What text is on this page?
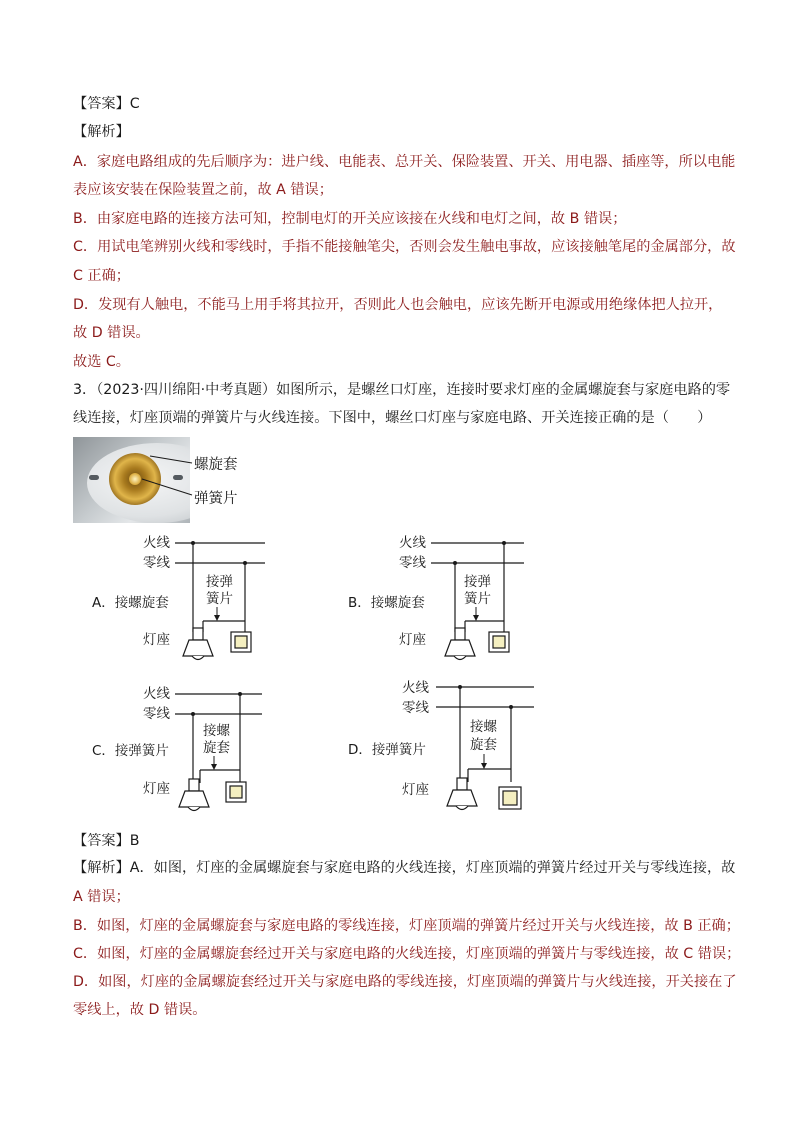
【答案】C
【解析】
A．家庭电路组成的先后顺序为：进户线、电能表、总开关、保险装置、开关、用电器、插座等，所以电能
表应该安装在保险装置之前，故 A 错误；
B．由家庭电路的连接方法可知，控制电灯的开关应该接在火线和电灯之间，故 B 错误；
C．用试电笔辨别火线和零线时，手指不能接触笔尖，否则会发生触电事故，应该接触笔尾的金属部分，故
C 正确；
D．发现有人触电，不能马上用手将其拉开，否则此人也会触电，应该先断开电源或用绝缘体把人拉开，
故 D 错误。
故选 C。
3．（2023·四川绵阳·中考真题）如图所示，是螺丝口灯座，连接时要求灯座的金属螺旋套与家庭电路的零
线连接，灯座顶端的弹簧片与火线连接。下图中，螺丝口灯座与家庭电路、开关连接正确的是（　　）
螺旋套
弹簧片
火线
零线
接弹
簧片
A．接螺旋套
灯座
火线
零线
接弹
簧片
B．接螺旋套
灯座
火线
零线
接螺
旋套
C．接弹簧片
灯座
火线
零线
接螺
旋套
D．接弹簧片
灯座
【答案】B
【解析】A．如图，灯座的金属螺旋套与家庭电路的火线连接，灯座顶端的弹簧片经过开关与零线连接，故
A 错误；
B．如图，灯座的金属螺旋套与家庭电路的零线连接，灯座顶端的弹簧片经过开关与火线连接，故 B 正确；
C．如图，灯座的金属螺旋套经过开关与家庭电路的火线连接，灯座顶端的弹簧片与零线连接，故 C 错误；
D．如图，灯座的金属螺旋套经过开关与家庭电路的零线连接，灯座顶端的弹簧片与火线连接，开关接在了
零线上，故 D 错误。
